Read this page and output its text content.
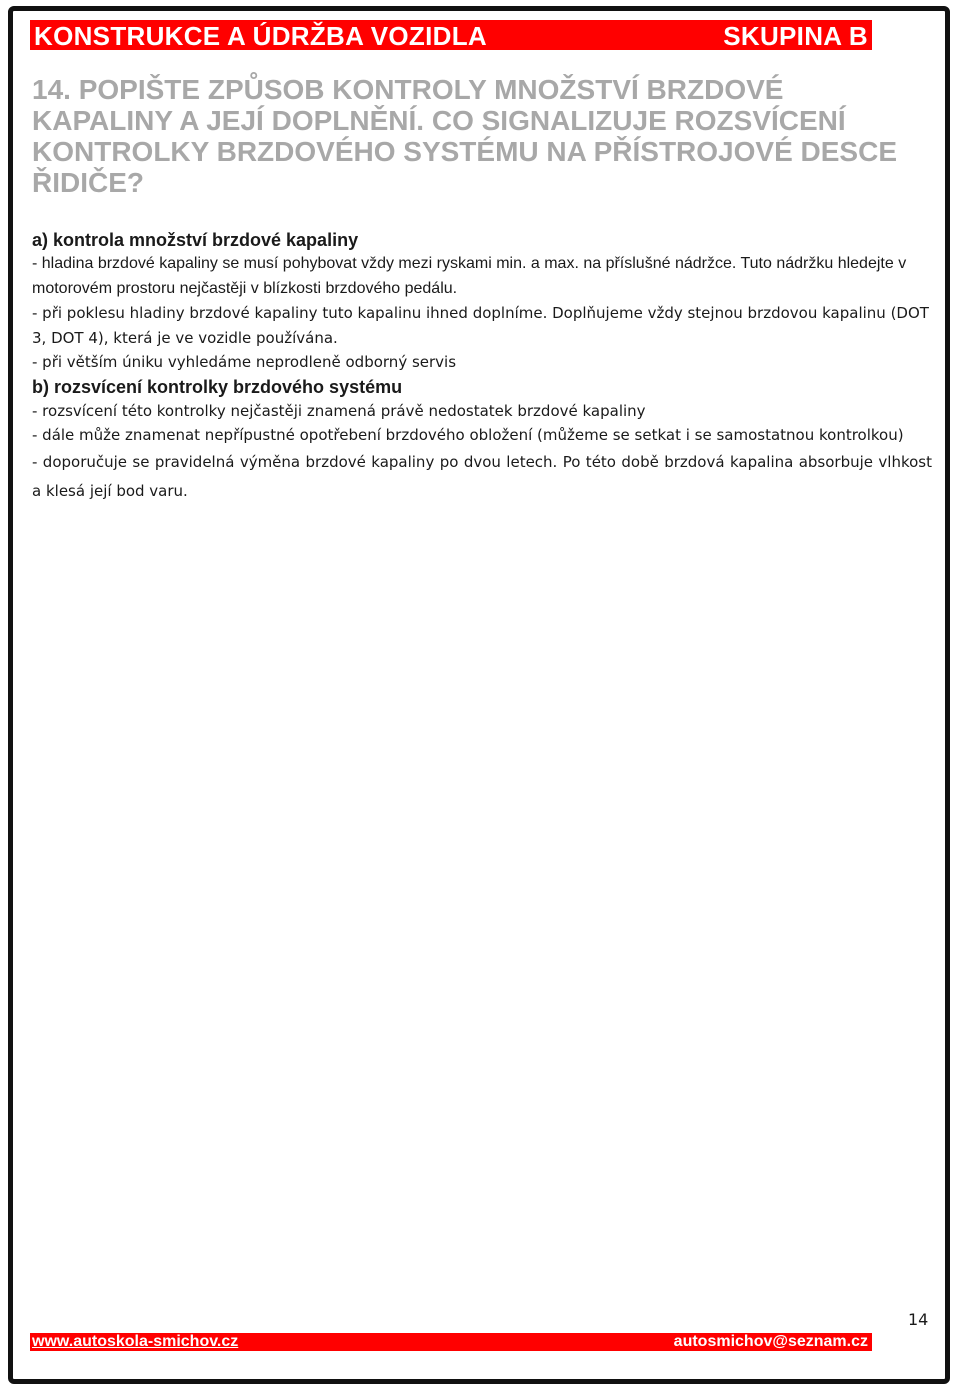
KONSTRUKCE A ÚDRŽBA VOZIDLA	SKUPINA B

14. POPIŠTE ZPŮSOB KONTROLY MNOŽSTVÍ BRZDOVÉ KAPALINY A JEJÍ DOPLNĚNÍ. CO SIGNALIZUJE ROZSVÍCENÍ KONTROLKY BRZDOVÉHO SYSTÉMU NA PŘÍSTROJOVÉ DESCE ŘIDIČE?

a) kontrola množství brzdové kapaliny

- hladina brzdové kapaliny se musí pohybovat vždy mezi ryskami min. a max. na příslušné nádržce. Tuto nádržku hledejte v motorovém prostoru nejčastěji v blízkosti brzdového pedálu.

- při poklesu hladiny brzdové kapaliny tuto kapalinu ihned doplníme. Doplňujeme vždy stejnou brzdovou kapalinu (DOT 3, DOT 4), která je ve vozidle používána.

- při větším úniku vyhledáme neprodleně odborný servis

b) rozsvícení kontrolky brzdového systému

- rozsvícení této kontrolky nejčastěji znamená právě nedostatek brzdové kapaliny

- dále může znamenat nepřípustné opotřebení brzdového obložení (můžeme se setkat i se samostatnou kontrolkou)

- doporučuje se pravidelná výměna brzdové kapaliny po dvou letech. Po této době brzdová kapalina absorbuje vlhkost a klesá její bod varu.

14
www.autoskola-smichov.cz	autosmichov@seznam.cz
